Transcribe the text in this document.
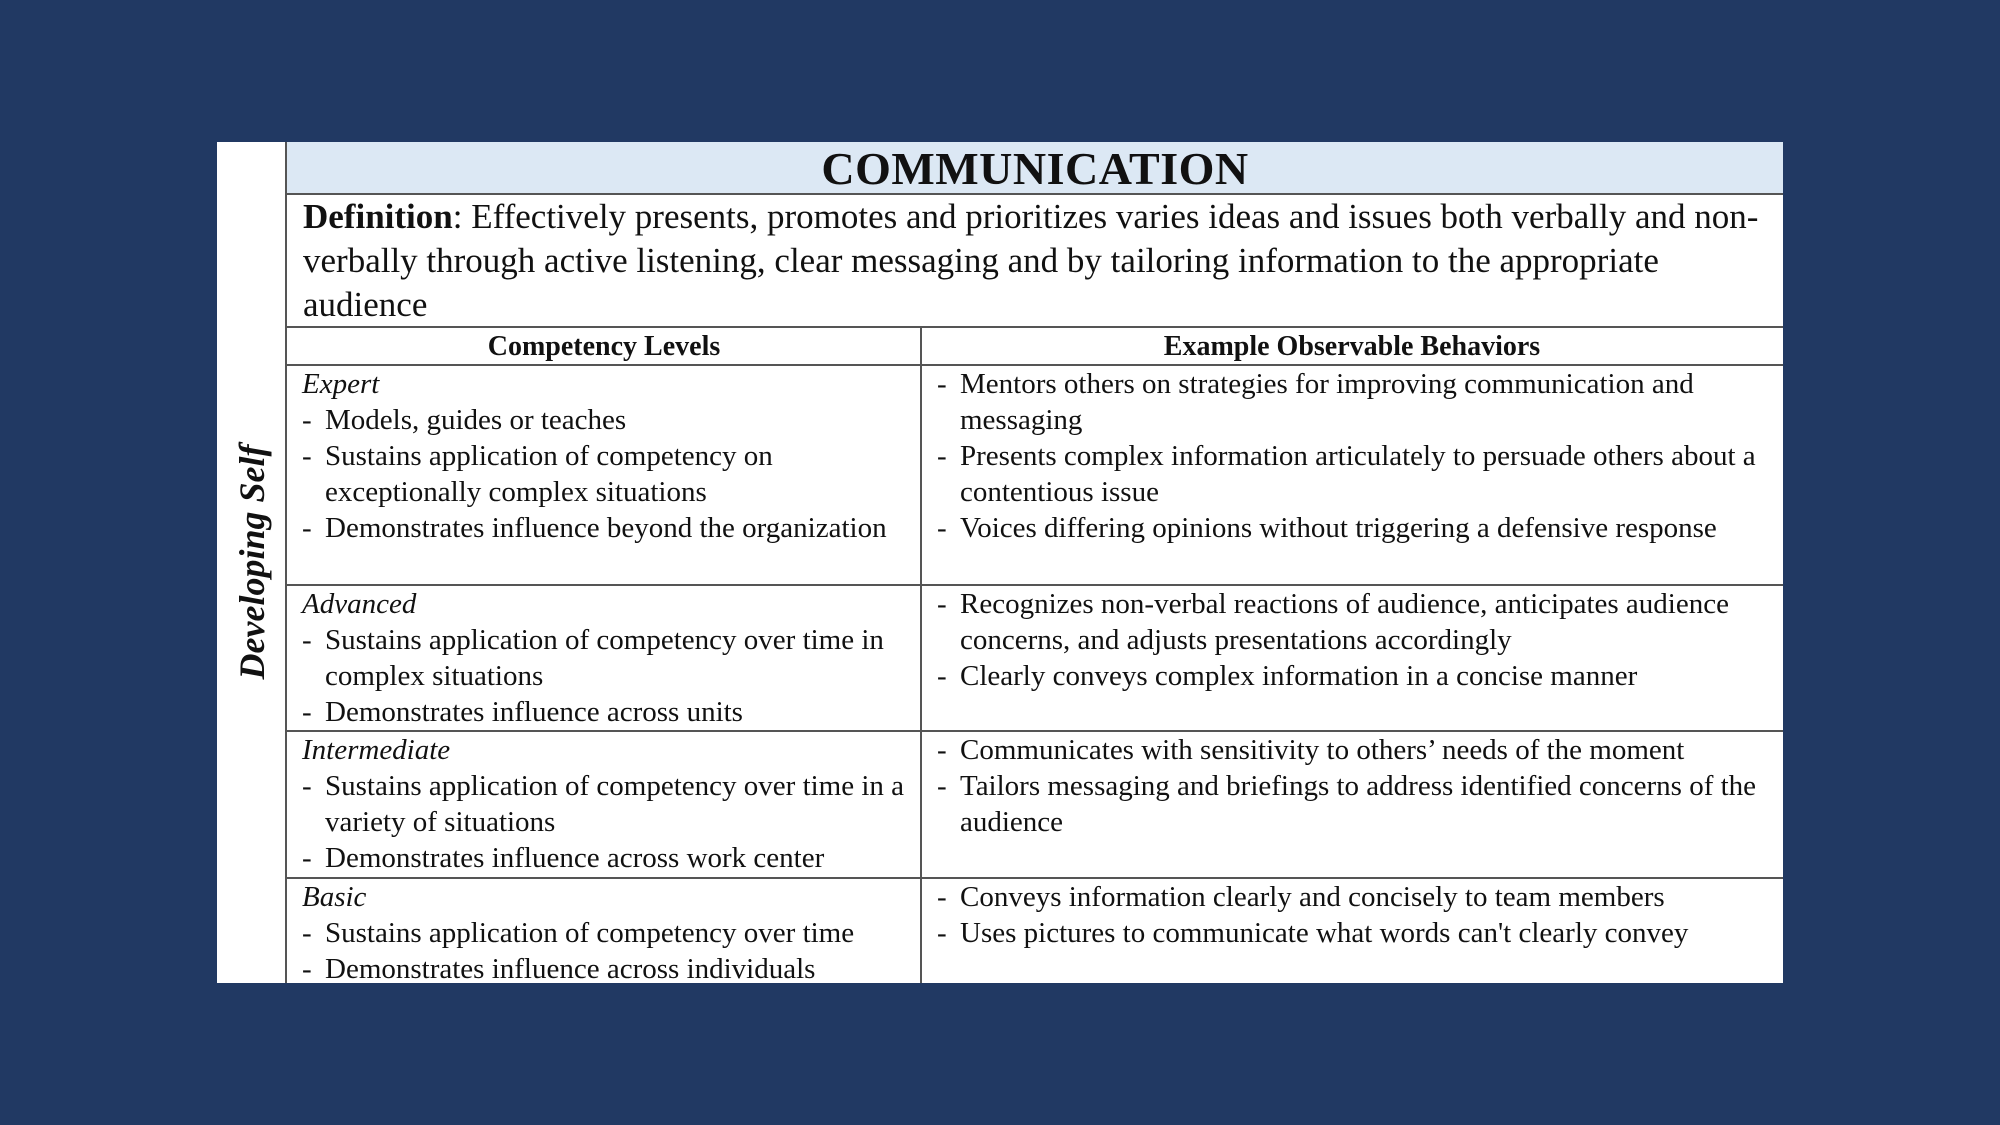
Developing Self
COMMUNICATION
Definition: Effectively presents, promotes and prioritizes varies ideas and issues both verbally and non-verbally through active listening, clear messaging and by tailoring information to the appropriate audience
Competency Levels	Example Observable Behaviors
Expert
- Models, guides or teaches
- Sustains application of competency on exceptionally complex situations
- Demonstrates influence beyond the organization
- Mentors others on strategies for improving communication and messaging
- Presents complex information articulately to persuade others about a contentious issue
- Voices differing opinions without triggering a defensive response
Advanced
- Sustains application of competency over time in complex situations
- Demonstrates influence across units
- Recognizes non-verbal reactions of audience, anticipates audience concerns, and adjusts presentations accordingly
- Clearly conveys complex information in a concise manner
Intermediate
- Sustains application of competency over time in a variety of situations
- Demonstrates influence across work center
- Communicates with sensitivity to others’ needs of the moment
- Tailors messaging and briefings to address identified concerns of the audience
Basic
- Sustains application of competency over time
- Demonstrates influence across individuals
- Conveys information clearly and concisely to team members
- Uses pictures to communicate what words can't clearly convey
